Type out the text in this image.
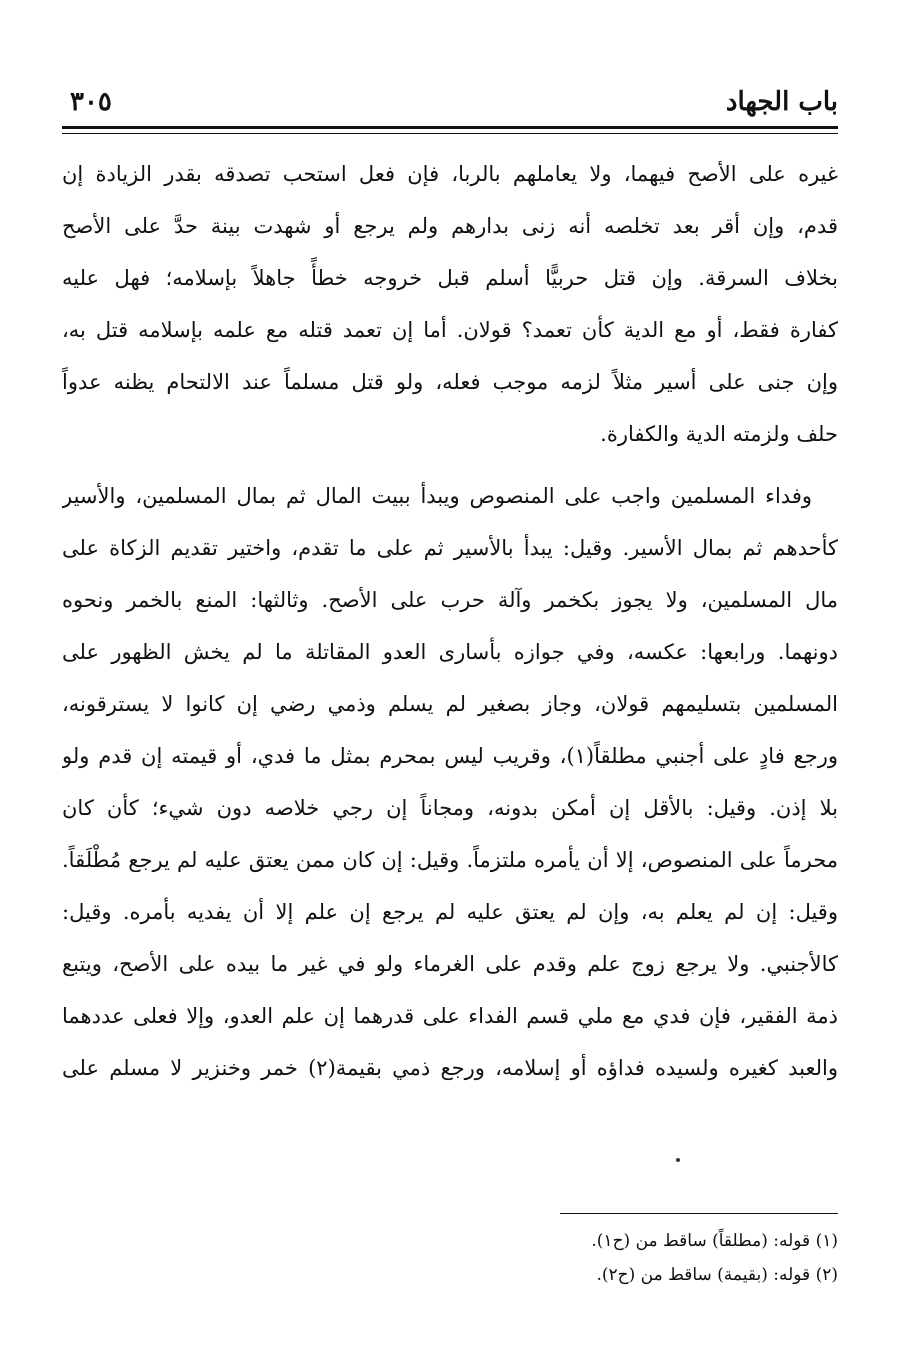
باب الجهاد
٣٠٥
غيره على الأصح فيهما، ولا يعاملهم بالربا، فإن فعل استحب تصدقه بقدر الزيادة إن
قدم، وإن أقر بعد تخلصه أنه زنى بدارهم ولم يرجع أو شهدت بينة حدَّ على الأصح
بخلاف السرقة. وإن قتل حربيًّا أسلم قبل خروجه خطأً جاهلاً بإسلامه؛ فهل عليه
كفارة فقط، أو مع الدية كأن تعمد؟ قولان. أما إن تعمد قتله مع علمه بإسلامه قتل به،
وإن جنى على أسير مثلاً لزمه موجب فعله، ولو قتل مسلماً عند الالتحام يظنه عدواً
حلف ولزمته الدية والكفارة.
وفداء المسلمين واجب على المنصوص ويبدأ ببيت المال ثم بمال المسلمين، والأسير
كأحدهم ثم بمال الأسير. وقيل: يبدأ بالأسير ثم على ما تقدم، واختير تقديم الزكاة على
مال المسلمين، ولا يجوز بكخمر وآلة حرب على الأصح. وثالثها: المنع بالخمر ونحوه
دونهما. ورابعها: عكسه، وفي جوازه بأسارى العدو المقاتلة ما لم يخش الظهور على
المسلمين بتسليمهم قولان، وجاز بصغير لم يسلم وذمي رضي إن كانوا لا يسترقونه،
ورجع فادٍ على أجنبي مطلقاً(١)، وقريب ليس بمحرم بمثل ما فدي، أو قيمته إن قدم ولو
بلا إذن. وقيل: بالأقل إن أمكن بدونه، ومجاناً إن رجي خلاصه دون شيء؛ كأن كان
محرماً على المنصوص، إلا أن يأمره ملتزماً. وقيل: إن كان ممن يعتق عليه لم يرجع مُطْلَقاً.
وقيل: إن لم يعلم به، وإن لم يعتق عليه لم يرجع إن علم إلا أن يفديه بأمره. وقيل:
كالأجنبي. ولا يرجع زوج علم وقدم على الغرماء ولو في غير ما بيده على الأصح، ويتبع
ذمة الفقير، فإن فدي مع ملي قسم الفداء على قدرهما إن علم العدو، وإلا فعلى عددهما
والعبد كغيره ولسيده فداؤه أو إسلامه، ورجع ذمي بقيمة(٢) خمر وخنزير لا مسلم على
(١) قوله: (مطلقاً) ساقط من (ح١).
(٢) قوله: (بقيمة) ساقط من (ح٢).
